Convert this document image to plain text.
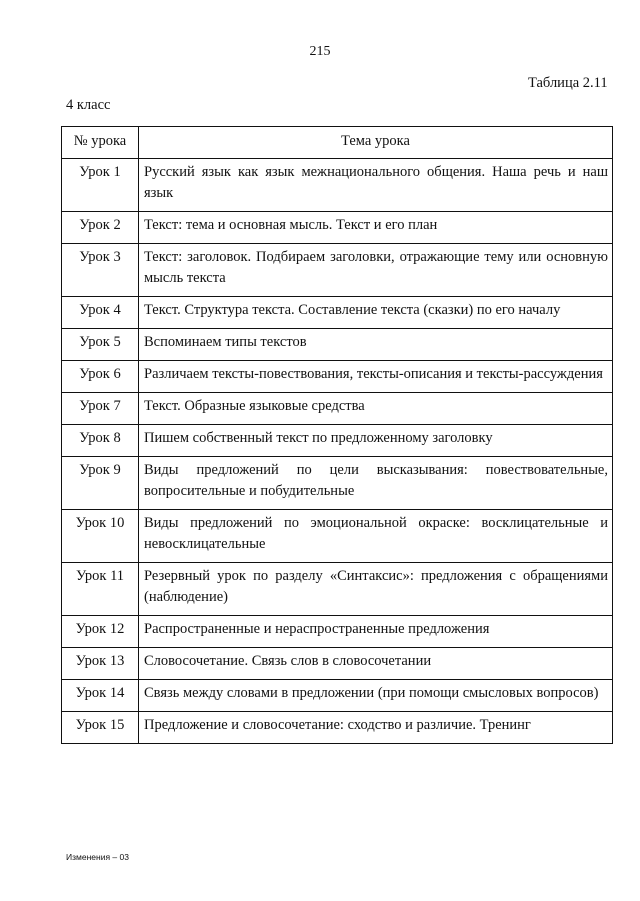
215
Таблица 2.11
4 класс
№ урока	Тема урока
Урок 1	Русский язык как язык межнационального общения. Наша речь и наш язык
Урок 2	Текст: тема и основная мысль. Текст и его план
Урок 3	Текст: заголовок. Подбираем заголовки, отражающие тему или основную мысль текста
Урок 4	Текст. Структура текста. Составление текста (сказки) по его началу
Урок 5	Вспоминаем типы текстов
Урок 6	Различаем тексты-повествования, тексты-описания и тексты-рассуждения
Урок 7	Текст. Образные языковые средства
Урок 8	Пишем собственный текст по предложенному заголовку
Урок 9	Виды предложений по цели высказывания: повествовательные, вопросительные и побудительные
Урок 10	Виды предложений по эмоциональной окраске: восклицательные и невосклицательные
Урок 11	Резервный урок по разделу «Синтаксис»: предложения с обращениями (наблюдение)
Урок 12	Распространенные и нераспространенные предложения
Урок 13	Словосочетание. Связь слов в словосочетании
Урок 14	Связь между словами в предложении (при помощи смысловых вопросов)
Урок 15	Предложение и словосочетание: сходство и различие. Тренинг
Изменения – 03
